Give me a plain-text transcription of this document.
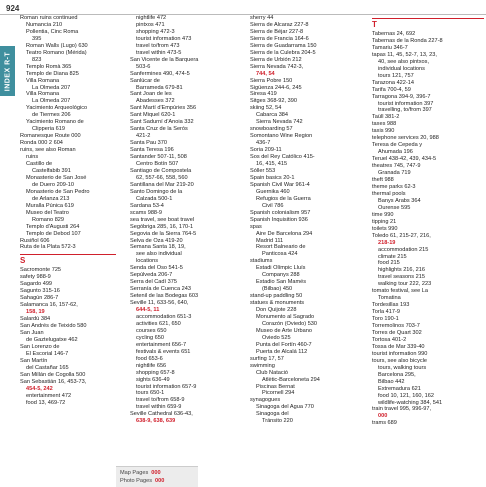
924
INDEX R-T
Roman ruins continued
Numancia 210
Pollentia, Cinc Roma
395
Roman Walls (Lugo) 630
Teatro Romano (Mérida)
823
Templo Romà 365
Templo de Diana 825
Villa Romana
La Olmeda 207
Villa Romana
La Olmeda 207
Yacimiento Arqueológico
de Tiermes 206
Yacimiento Romano de
Clipperia 619
Romanesque Route 000
Ronda 000 2 604
ruins, see also Roman
ruins
Castillo de
Castelfabib 391
Monasterio de San José
de Duero 209-10
Monasterio de San Pedro
de Arlanza 213
Muralla Púnica 619
Museo del Teatro
Romano 829
Templo d'Augusti 264
Templo de Debod 107
Rusiñol 606
Ruta de la Plata 572-3
S
Sacromonte 725
safety 988-9
Sagardo 499
Sagunto 315-16
Sahagún 286-7
Salamanca 16, 157-62,
158, 19
Salardú 384
San Andrés de Teixido 580
San Juan
de Gaztelugatxe 462
San Lorenzo de
El Escorial 146-7
San Martín
del Castañar 165
San Millán de Cogolla 500
San Sebastián 16, 453-73,
454-5, 242
entertainment 472
food 13, 469-72
nightlife 472
pintxos 471
shopping 472-3
tourist information 473
travel to/from 473
travel within 473-5
San Vicente de la Barquera
503-6
Sanfermines 490, 474-5
Sanlúcar de
Barrameda 679-81
Sant Joan de les
Abadesses 372
Sant Martí d'Empúries 356
Sant Miquel 620-1
Sant Sadurní d'Anoia 332
Santa Cruz de la Serós
421-2
Santa Pau 370
Santa Teresa 196
Santander 507-11, 508
Centro Botín 507
Santiago de Compostela
62, 557-66, 558, 560
Santillana del Mar 219-20
Santo Domingo de la
Calzada 500-1
Sardana 53-4
scams 988-9
sea travel, see boat travel
Segóbriga 285, 16, 170-1
Segovia de la Sierra 764-5
Selva de Oza 419-20
Semana Santa 18, 19,
see also individual
locations
Senda del Oso 541-5
Sepúlveda 206-7
Serra del Cadí 375
Serranía de Cuenca 243
Setenil de las Bodegas 603
Seville 11, 633-56, 640,
644-5, 11
accommodation 651-3
activities 621, 650
courses 650
cycling 650
entertainment 656-7
festivals & events 651
food 653-6
nightlife 656
shopping 657-8
sights 636-49
tourist information 657-9
tours 650-1
travel to/from 658-9
travel within 659-9
Seville Cathedral 636-43,
638-9, 638, 639
sherry 44
Sierra de Alcaraz 227-8
Sierra de Béjar 227-8
Sierra de Francia 164-6
Sierra de Guadarrama 150
Sierra de la Culebra 204-5
Sierra de Urbión 212
Sierra Nevada 742-3,
744, 54
Sierra Pobre 150
Sigüenza 244-6, 245
Siresa 419
Sitges 368-92, 390
skiing 52, 54
Cabarca 384
Sierra Nevada 742
snowboarding 57
Somontano Wine Region
436-7
Soria 209-11
Sos del Rey Católico 415-
16, 415, 415
Sóller 553
Spain basics 20-1
Spanish Civil War 961-4
Guernika 460
Refugios de la Guerra
Civil 786
Spanish colonialism 957
Spanish Inquisition 936
spas
Aire De Barcelona 294
Madrid 111
Resort Balneario de
Panticosa 424
stadiums
Estadi Olímpic Lluís
Companys 288
Estadio San Mamés
(Bilbao) 450
stand-up paddling 50
statues & monuments
Don Quijote 228
Monumento al Sagrado
Corazón (Oviedo) 530
Museo de Arte Urbano
Oviedo 525
Punta del Fortín 460-7
Puerta de Alcalá 112
surfing 17, 57
swimming
Club Natació
Atlètic-Barceloneta 294
Piscinas Bernat
Picornell 294
synagogues
Sinagoga del Agua 770
Sinagoga del
Tránsito 220
T
Tabernas 24, 692
Tabernas de la Ronda 227-8
Tamariu 346-7
tapas 11, 45, 52-7, 13, 23,
40, see also pintxos,
individual locations
tours 121, 757
Tarazona 422-14
Tarifa 700-4, 59
Tarragona 394-9, 396-7
tourist information 397
travelling, to/from 397
Taüll 381-2
taxes 988
taxis 990
telephone services 20, 988
Teresa de Cepeda y
Ahumada 196
Teruel 438-42, 439, 434-5
theatres 745, 747-9
Granada 719
theft 988
theme parks 62-3
thermal pools
Banys Àrabs 364
Ourense 595
time 990
tipping 21
toilets 990
Toledo 61, 215-27, 216,
218-19
accommodation 215
climate 215
food 215
highlights 216, 216
travel seasons 215
walking tour 222, 223
tomato festival, see La
Tomatina
Tordesillas 193
Torla 417-9
Toro 190-1
Torremolinos 703-7
Torres de Quart 302
Tortosa 401-2
Tossa de Mar 339-40
tourist information 990
tours, see also bicycle
tours, walking tours
Barcelona 295,
Bilbao 442
Extremadura 621
food 10, 121, 160, 162
wildlife-watching 384, 541
train travel 995, 996-97,
000
trams 689
Map Pages 000
Photo Pages 000
